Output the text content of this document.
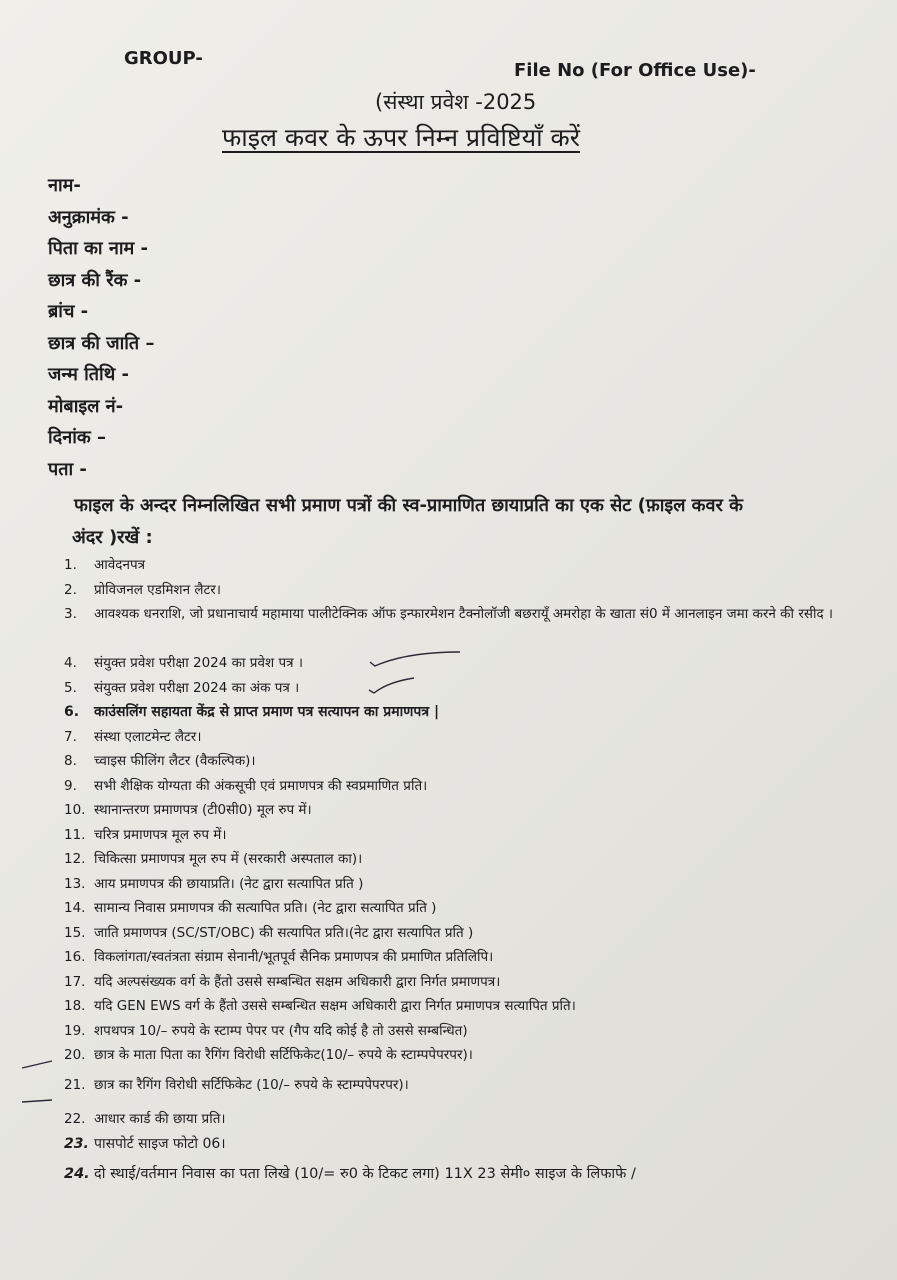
GROUP-
File No (For Office Use)-
(संस्था प्रवेश -2025
फाइल कवर के ऊपर निम्न प्रविष्टियाँ करें
नाम-
अनुक्रामंक -
पिता का नाम -
छात्र की रैंक -
ब्रांच -
छात्र की जाति –
जन्म तिथि -
मोबाइल नं-
दिनांक –
पता -
फाइल के अन्दर निम्नलिखित सभी प्रमाण पत्रों की स्व-प्रामाणित छायाप्रति का एक सेट (फ़ाइल कवर के
अंदर )रखें :
1.	आवेदनपत्र
2.	प्रोविजनल एडमिशन लैटर।
3.	आवश्यक धनराशि, जो प्रधानाचार्य महामाया पालीटेक्निक ऑफ इन्फारमेशन टैक्नोलॉजी बछरायूँ अमरोहा के खाता सं0 में आनलाइन जमा करने की रसीद ।
4.	संयुक्त प्रवेश परीक्षा 2024 का प्रवेश पत्र ।
5.	संयुक्त प्रवेश परीक्षा 2024 का अंक पत्र ।
6.	काउंसलिंग सहायता केंद्र से प्राप्त प्रमाण पत्र सत्यापन का प्रमाणपत्र |
7.	संस्था एलाटमेन्ट लैटर।
8.	च्वाइस फीलिंग लैटर (वैकल्पिक)।
9.	सभी शैक्षिक योग्यता की अंकसूची एवं प्रमाणपत्र की स्वप्रमाणित प्रति।
10. स्थानान्तरण प्रमाणपत्र (टी0सी0) मूल रुप में।
11. चरित्र प्रमाणपत्र मूल रुप में।
12. चिकित्सा प्रमाणपत्र मूल रुप में (सरकारी अस्पताल का)।
13. आय प्रमाणपत्र की छायाप्रति। (नेट द्वारा सत्यापित प्रति )
14. सामान्य निवास प्रमाणपत्र की सत्यापित प्रति। (नेट द्वारा सत्यापित प्रति )
15. जाति प्रमाणपत्र (SC/ST/OBC) की सत्यापित प्रति।(नेट द्वारा सत्यापित प्रति )
16. विकलांगता/स्वतंत्रता संग्राम सेनानी/भूतपूर्व सैनिक प्रमाणपत्र की प्रमाणित प्रतिलिपि।
17. यदि अल्पसंख्यक वर्ग के हैंतो उससे सम्बन्धित सक्षम अधिकारी द्वारा निर्गत प्रमाणपत्र।
18. यदि GEN EWS वर्ग के हैंतो उससे सम्बन्धित सक्षम अधिकारी द्वारा निर्गत प्रमाणपत्र सत्यापित प्रति।
19. शपथपत्र 10/– रुपये के स्टाम्प पेपर पर (गैप यदि कोई है तो उससे सम्बन्धित)
20. छात्र के माता पिता का रैगिंग विरोधी सर्टिफिकेट(10/– रुपये के स्टाम्पपेपरपर)।
21. छात्र का रैगिंग विरोधी सर्टिफिकेट (10/– रुपये के स्टाम्पपेपरपर)।
22. आधार कार्ड की छाया प्रति।
23. पासपोर्ट साइज फोटो 06।
24. दो स्थाई/वर्तमान निवास का पता लिखे (10/= रु0 के टिकट लगा) 11X 23 सेमी० साइज के लिफाफे /
